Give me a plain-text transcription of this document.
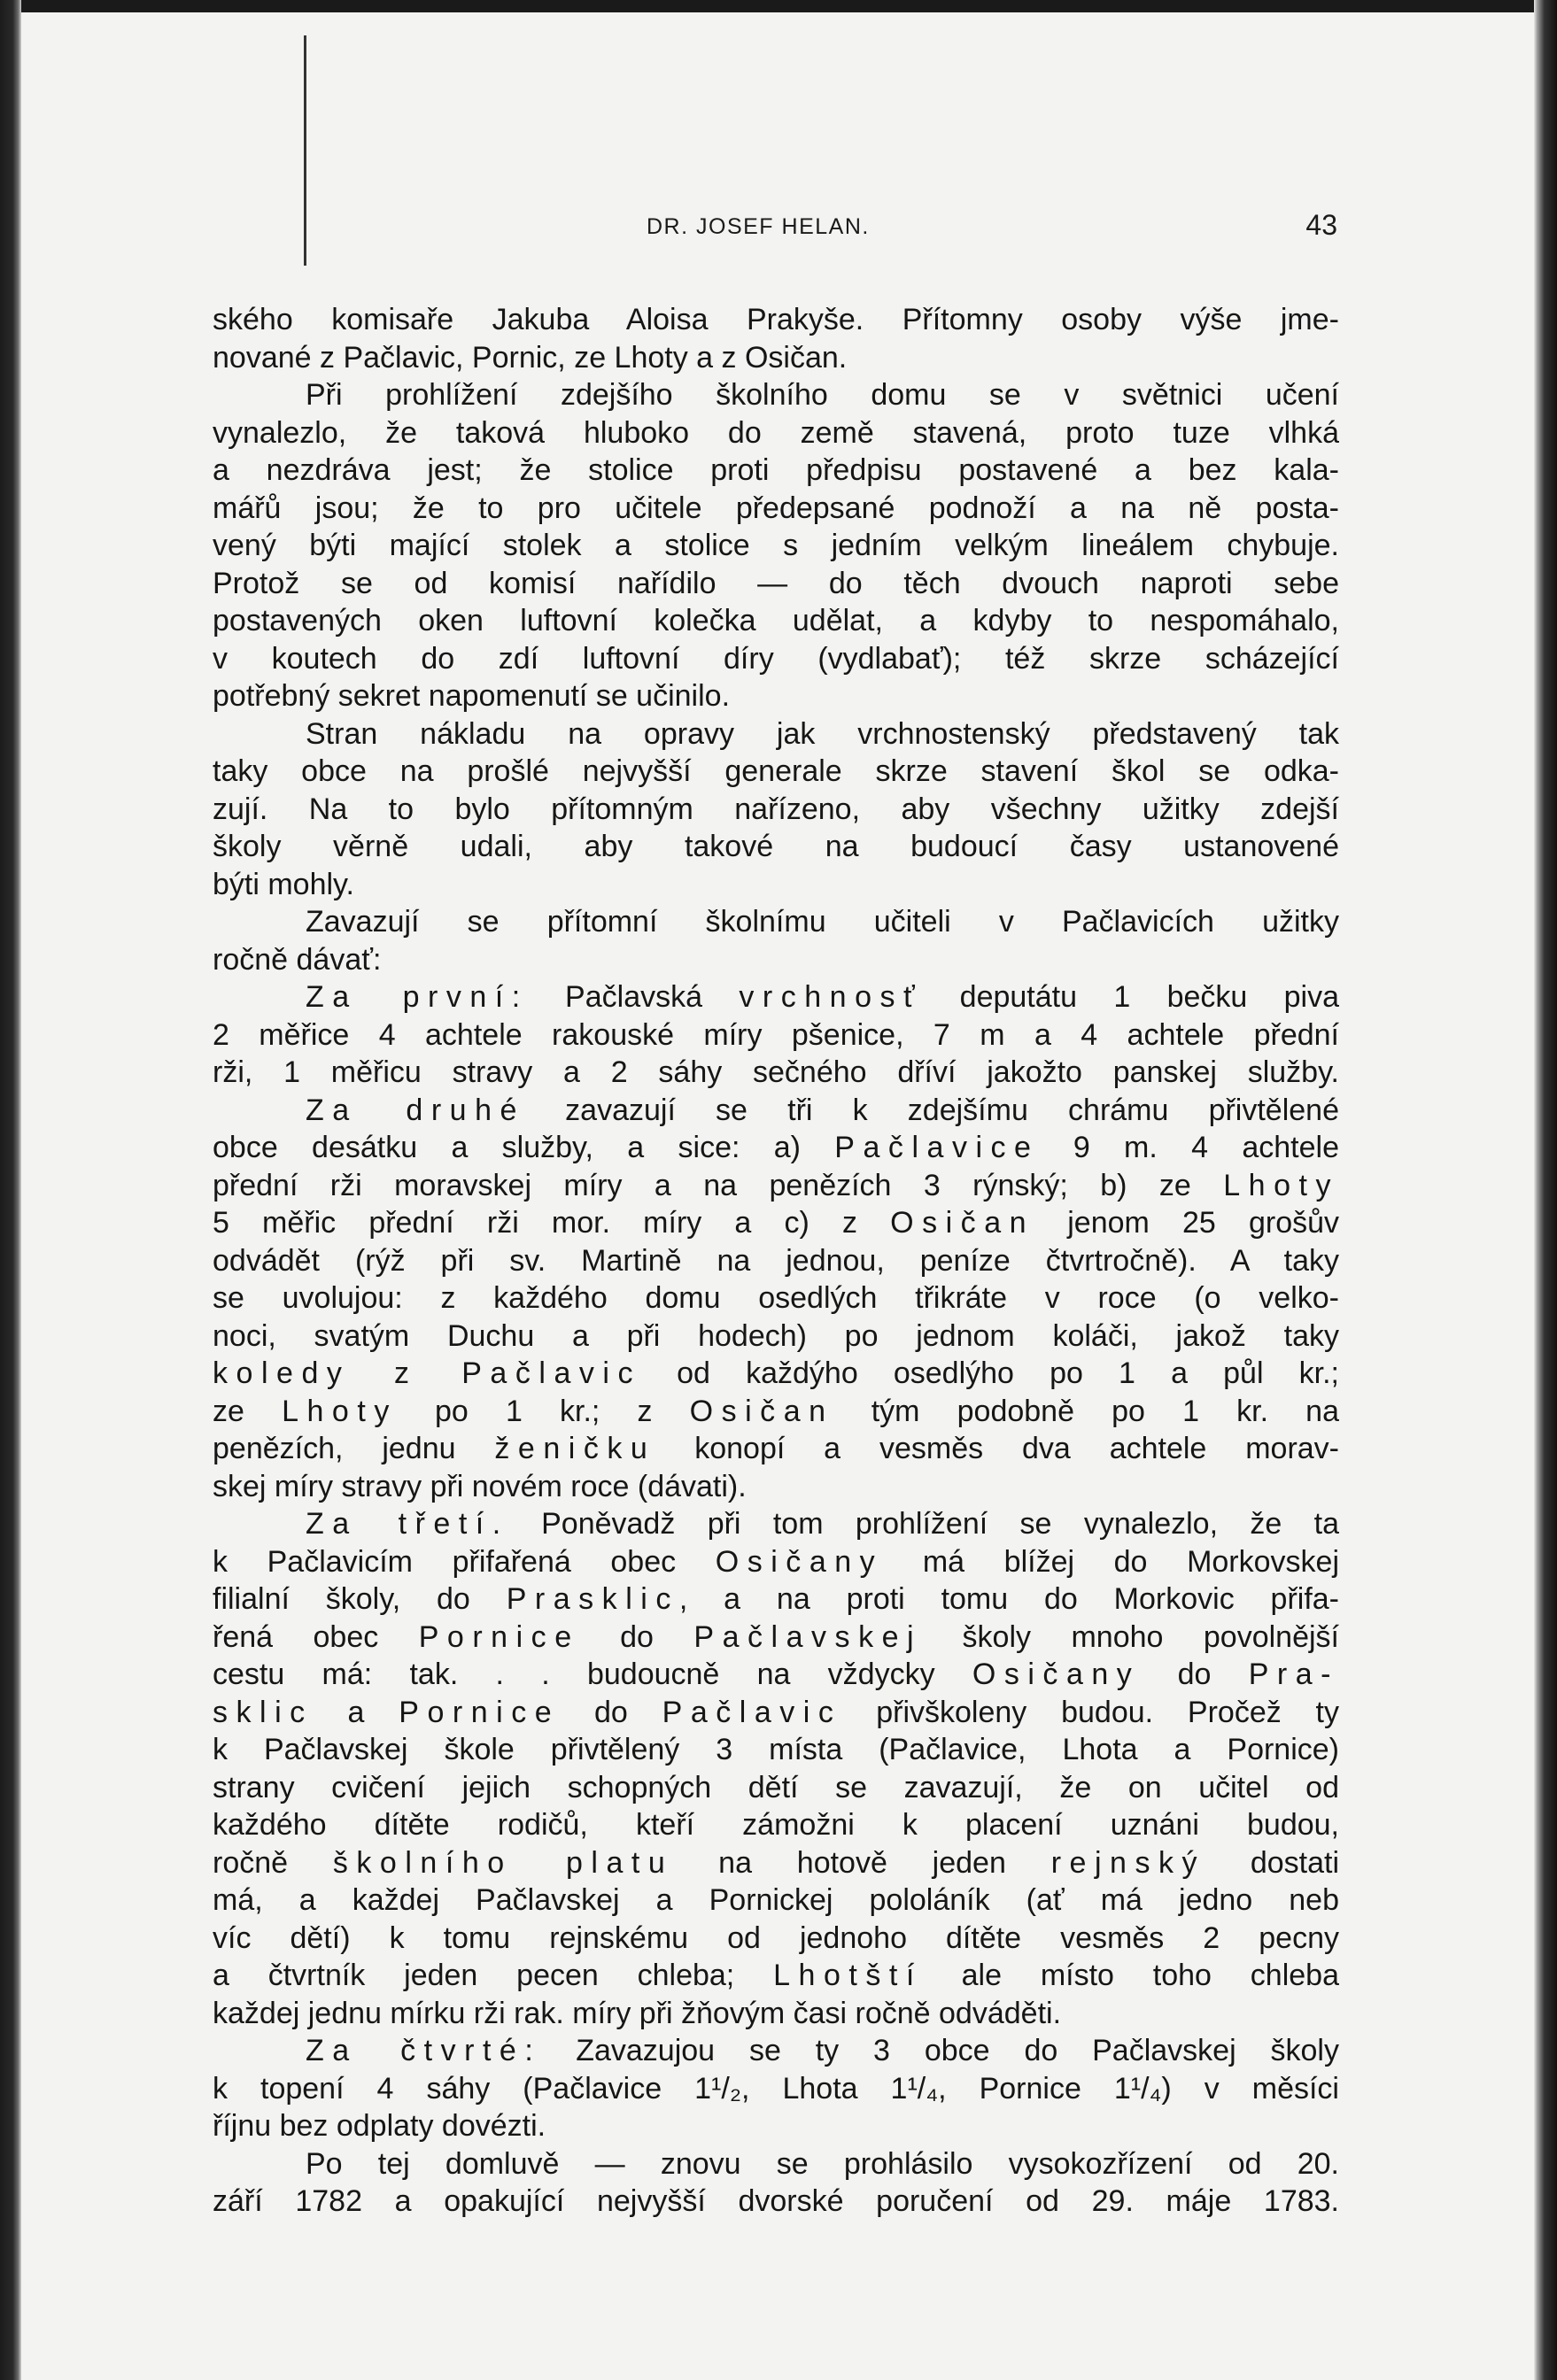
DR. JOSEF HELAN.	43
ského komisaře Jakuba Aloisa Prakyše. Přítomny osoby výše jme-
nované z Pačlavic, Pornic, ze Lhoty a z Osičan.
Při prohlížení zdejšího školního domu se v světnici učení
vynalezlo, že taková hluboko do země stavená, proto tuze vlhká
a nezdráva jest; že stolice proti předpisu postavené a bez kala-
mářů jsou; že to pro učitele předepsané podnoží a na ně posta-
vený býti mající stolek a stolice s jedním velkým lineálem chybuje.
Protož se od komisí nařídilo — do těch dvouch naproti sebe
postavených oken luftovní kolečka udělat, a kdyby to nespomáhalo,
v koutech do zdí luftovní díry (vydlabať); též skrze scházející
potřebný sekret napomenutí se učinilo.
Stran nákladu na opravy jak vrchnostenský představený tak
taky obce na prošlé nejvyšší generale skrze stavení škol se odka-
zují. Na to bylo přítomným nařízeno, aby všechny užitky zdejší
školy věrně udali, aby takové na budoucí časy ustanovené
býti mohly.
Zavazují se přítomní školnímu učiteli v Pačlavicích užitky
ročně dávať:
Za první: Pačlavská vrchnosť deputátu 1 bečku piva
2 měřice 4 achtele rakouské míry pšenice, 7 m a 4 achtele přední
rži, 1 měřicu stravy a 2 sáhy sečného dříví jakožto panskej služby.
Za druhé zavazují se tři k zdejšímu chrámu přivtělené
obce desátku a služby, a sice: a) Pačlavice 9 m. 4 achtele
přední rži moravskej míry a na penězích 3 rýnský; b) ze Lhoty
5 měřic přední rži mor. míry a c) z Osičan jenom 25 grošův
odvádět (rýž při sv. Martině na jednou, peníze čtvrtročně). A taky
se uvolujou: z každého domu osedlých třikráte v roce (o velko-
noci, svatým Duchu a při hodech) po jednom koláči, jakož taky
koledy z Pačlavic od každýho osedlýho po 1 a půl kr.;
ze Lhoty po 1 kr.; z Osičan tým podobně po 1 kr. na
penězích, jednu ženičku konopí a vesměs dva achtele morav-
skej míry stravy při novém roce (dávati).
Za třetí. Poněvadž při tom prohlížení se vynalezlo, že ta
k Pačlavicím přifařená obec Osičany má blížej do Morkovskej
filialní školy, do Prasklic, a na proti tomu do Morkovic přifa-
řená obec Pornice do Pačlavskej školy mnoho povolnější
cestu má: tak. . . budoucně na vždycky Osičany do Pra-
sklic a Pornice do Pačlavic přivškoleny budou. Pročež ty
k Pačlavskej škole přivtělený 3 místa (Pačlavice, Lhota a Pornice)
strany cvičení jejich schopných dětí se zavazují, že on učitel od
každého dítěte rodičů, kteří zámožni k placení uznáni budou,
ročně školního platu na hotově jeden rejnský dostati
má, a každej Pačlavskej a Pornickej pololáník (ať má jedno neb
víc dětí) k tomu rejnskému od jednoho dítěte vesměs 2 pecny
a čtvrtník jeden pecen chleba; Lhotští ale místo toho chleba
každej jednu mírku rži rak. míry při žňovým časi ročně odváděti.
Za čtvrté: Zavazujou se ty 3 obce do Pačlavskej školy
k topení 4 sáhy (Pačlavice 1¹/₂, Lhota 1¹/₄, Pornice 1¹/₄) v měsíci
říjnu bez odplaty dovézti.
Po tej domluvě — znovu se prohlásilo vysokozřízení od 20.
září 1782 a opakující nejvyšší dvorské poručení od 29. máje 1783.
